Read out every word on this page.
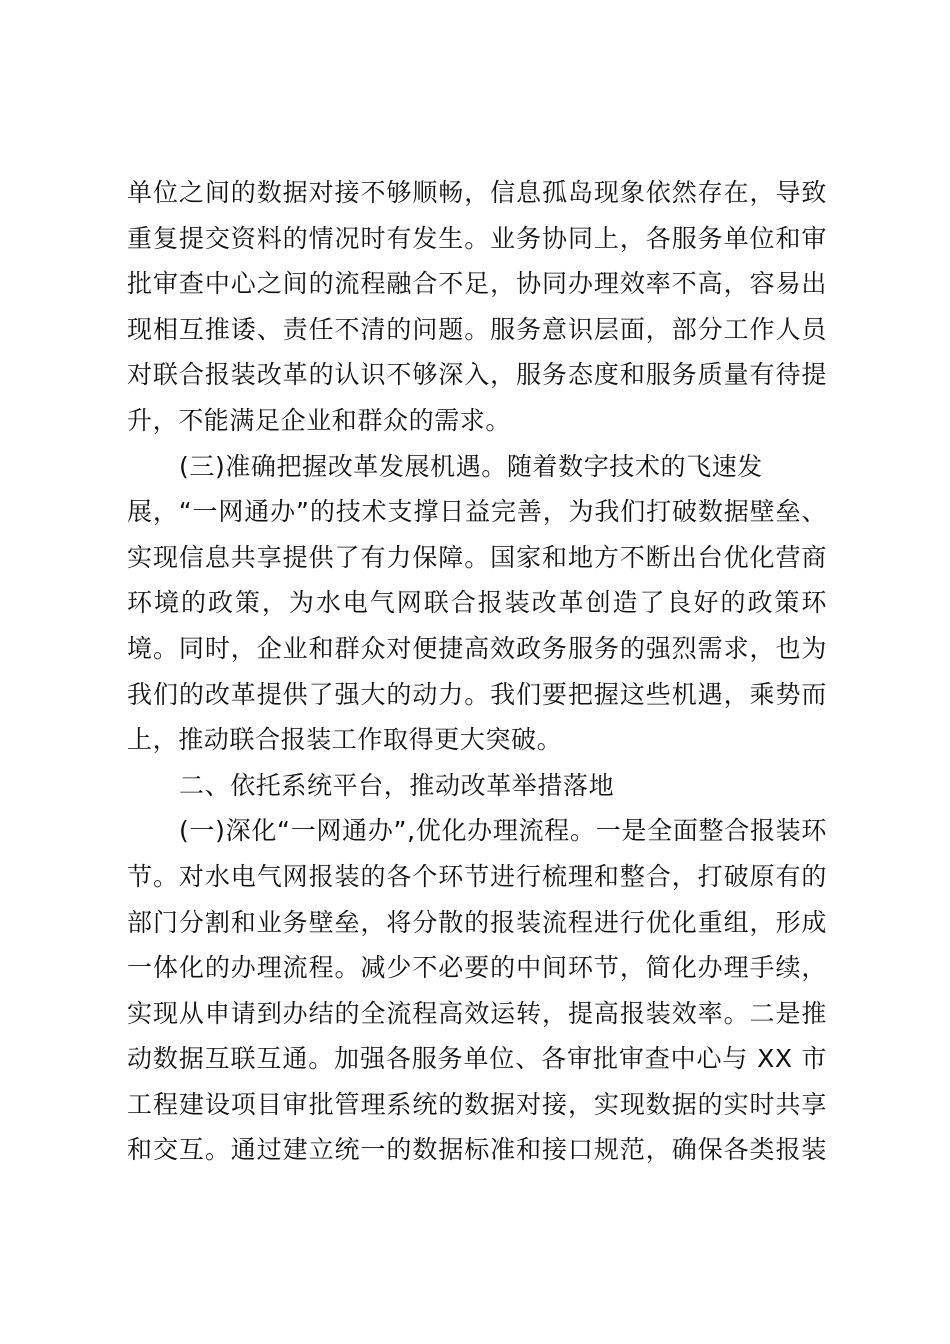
单位之间的数据对接不够顺畅，信息孤岛现象依然存在，导致
重复提交资料的情况时有发生。业务协同上，各服务单位和审
批审查中心之间的流程融合不足，协同办理效率不高，容易出
现相互推诿、责任不清的问题。服务意识层面，部分工作人员
对联合报装改革的认识不够深入，服务态度和服务质量有待提
升，不能满足企业和群众的需求。
(三)准确把握改革发展机遇。随着数字技术的飞速发
展，“一网通办”的技术支撑日益完善，为我们打破数据壁垒、
实现信息共享提供了有力保障。国家和地方不断出台优化营商
环境的政策，为水电气网联合报装改革创造了良好的政策环
境。同时，企业和群众对便捷高效政务服务的强烈需求，也为
我们的改革提供了强大的动力。我们要把握这些机遇，乘势而
上，推动联合报装工作取得更大突破。
二、依托系统平台，推动改革举措落地
(一)深化“一网通办”,优化办理流程。一是全面整合报装环
节。对水电气网报装的各个环节进行梳理和整合，打破原有的
部门分割和业务壁垒，将分散的报装流程进行优化重组，形成
一体化的办理流程。减少不必要的中间环节，简化办理手续，
实现从申请到办结的全流程高效运转，提高报装效率。二是推
动数据互联互通。加强各服务单位、各审批审查中心与 XX 市
工程建设项目审批管理系统的数据对接，实现数据的实时共享
和交互。通过建立统一的数据标准和接口规范，确保各类报装
